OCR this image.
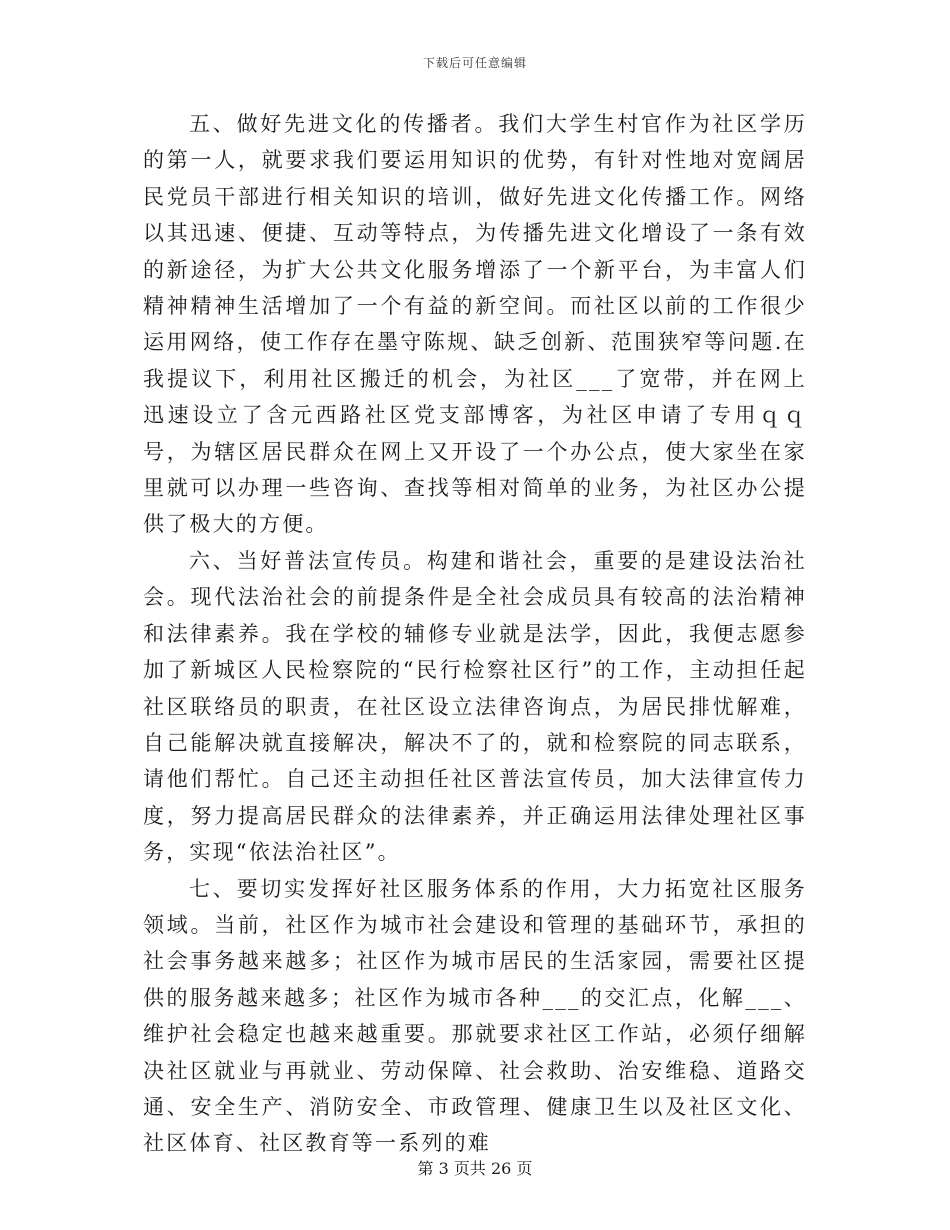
下载后可任意编辑

五、做好先进文化的传播者。我们大学生村官作为社区学历的第一人，就要求我们要运用知识的优势，有针对性地对宽阔居民党员干部进行相关知识的培训，做好先进文化传播工作。网络以其迅速、便捷、互动等特点，为传播先进文化增设了一条有效的新途径，为扩大公共文化服务增添了一个新平台，为丰富人们精神精神生活增加了一个有益的新空间。而社区以前的工作很少运用网络，使工作存在墨守陈规、缺乏创新、范围狭窄等问题.在我提议下，利用社区搬迁的机会，为社区___了宽带，并在网上迅速设立了含元西路社区党支部博客，为社区申请了专用ｑｑ号，为辖区居民群众在网上又开设了一个办公点，使大家坐在家里就可以办理一些咨询、查找等相对简单的业务，为社区办公提供了极大的方便。

六、当好普法宣传员。构建和谐社会，重要的是建设法治社会。现代法治社会的前提条件是全社会成员具有较高的法治精神和法律素养。我在学校的辅修专业就是法学，因此，我便志愿参加了新城区人民检察院的“民行检察社区行”的工作，主动担任起社区联络员的职责，在社区设立法律咨询点，为居民排忧解难，自己能解决就直接解决，解决不了的，就和检察院的同志联系，请他们帮忙。自己还主动担任社区普法宣传员，加大法律宣传力度，努力提高居民群众的法律素养，并正确运用法律处理社区事务，实现“依法治社区”。

七、要切实发挥好社区服务体系的作用，大力拓宽社区服务领域。当前，社区作为城市社会建设和管理的基础环节，承担的社会事务越来越多；社区作为城市居民的生活家园，需要社区提供的服务越来越多；社区作为城市各种___的交汇点，化解___、维护社会稳定也越来越重要。那就要求社区工作站，必须仔细解决社区就业与再就业、劳动保障、社会救助、治安维稳、道路交通、安全生产、消防安全、市政管理、健康卫生以及社区文化、社区体育、社区教育等一系列的难

第 3 页共 26 页
